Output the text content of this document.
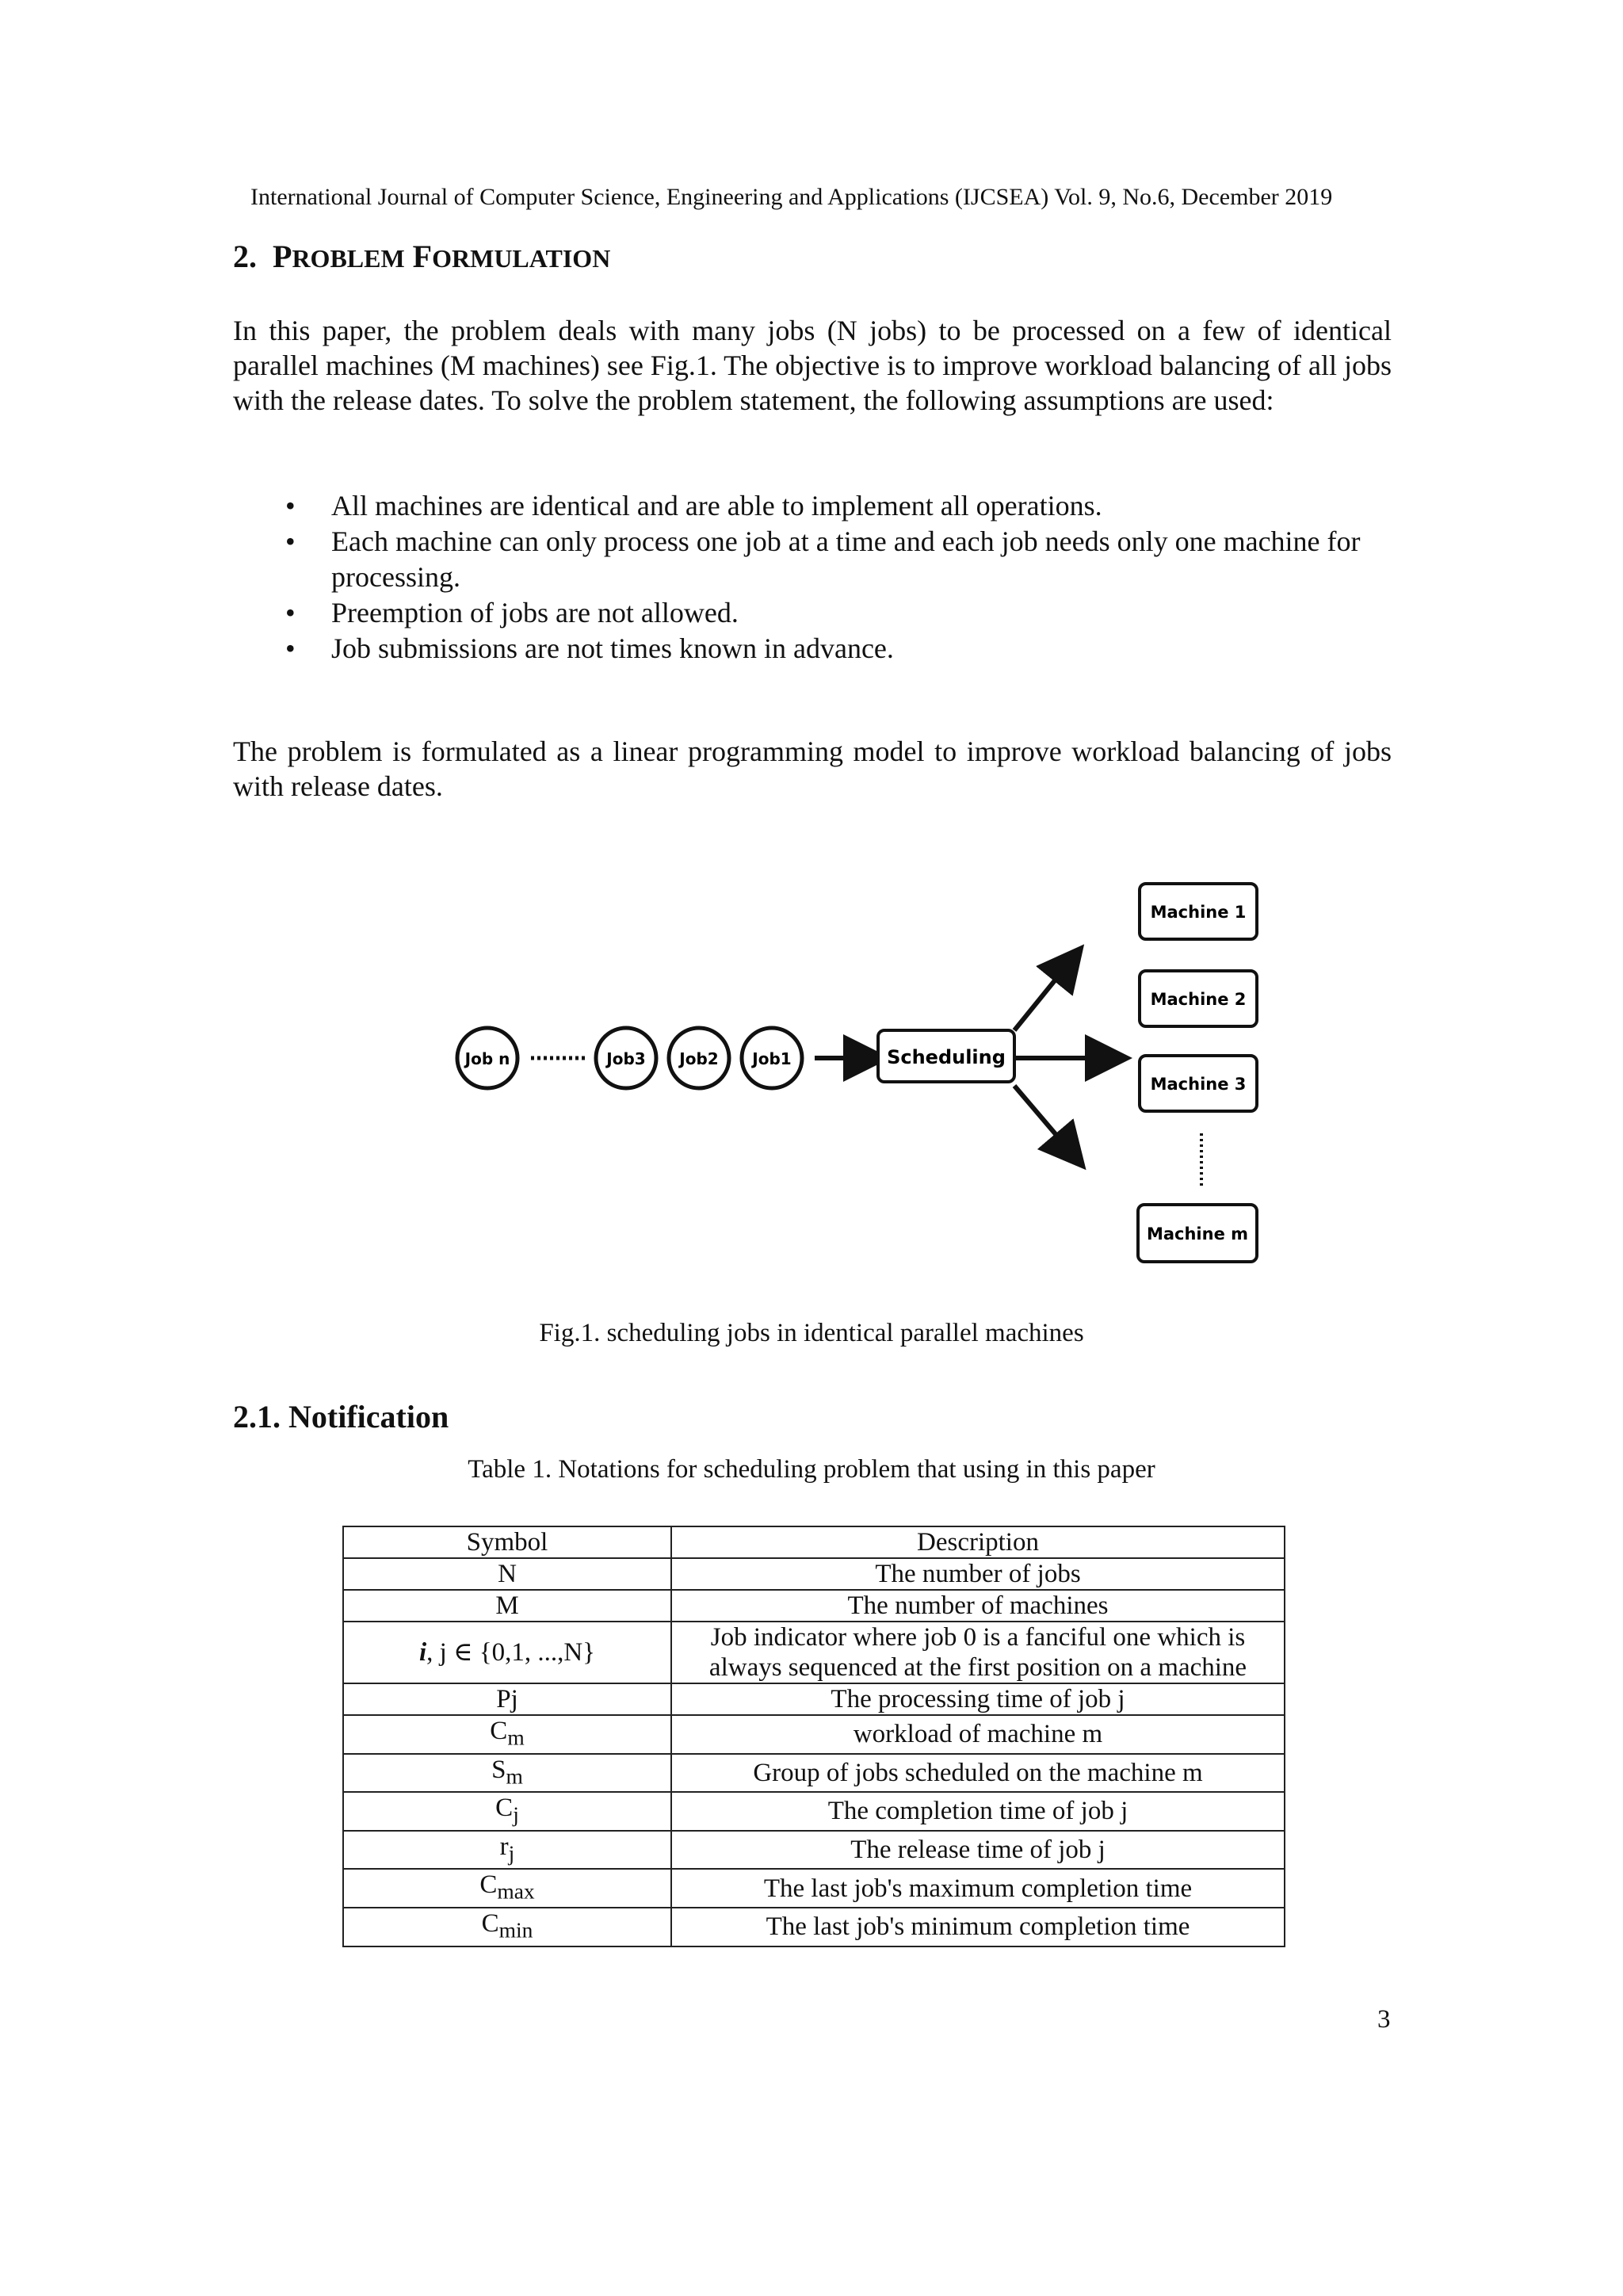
International Journal of Computer Science, Engineering and Applications (IJCSEA) Vol. 9, No.6, December 2019
2. PROBLEM FORMULATION
In this paper, the problem deals with many jobs (N jobs) to be processed on a few of identical parallel machines (M machines) see Fig.1. The objective is to improve workload balancing of all jobs with the release dates. To solve the problem statement, the following assumptions are used:
• All machines are identical and are able to implement all operations.
• Each machine can only process one job at a time and each job needs only one machine for processing.
• Preemption of jobs are not allowed.
• Job submissions are not times known in advance.
The problem is formulated as a linear programming model to improve workload balancing of jobs with release dates.
Job n	Job3 Job2 Job1	Scheduling
Machine 1
Machine 2
Machine 3
Machine m
Fig.1. scheduling jobs in identical parallel machines
2.1. Notification
Table 1. Notations for scheduling problem that using in this paper
Symbol	Description
N	The number of jobs
M	The number of machines
i, j ∈ {0,1, ...,N}	Job indicator where job 0 is a fanciful one which is always sequenced at the first position on a machine
Pj	The processing time of job j
$C_m$	workload of machine m
$S_m$	Group of jobs scheduled on the machine m
$C_j$	The completion time of job j
$r_j$	The release time of job j
$C_{max}$	The last job's maximum completion time
$C_{min}$	The last job's minimum completion time
3
